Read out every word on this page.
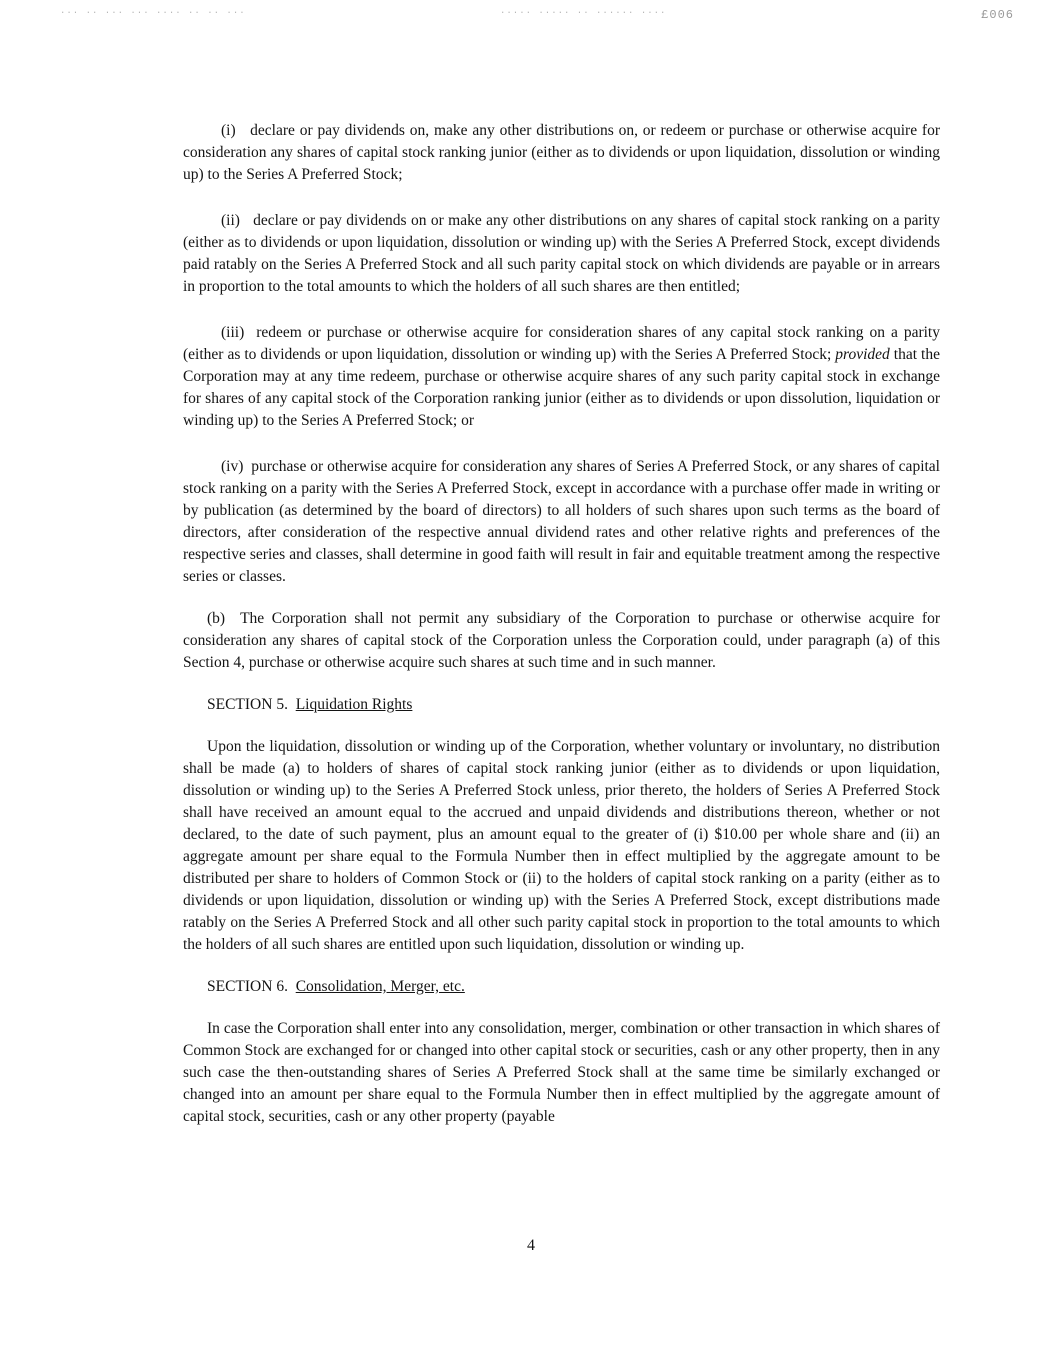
··· ·· ··· ··· ···· ·· ·· ···	····· ····· ·· ······ ····	£006

(i)   declare or pay dividends on, make any other distributions on, or redeem or purchase or otherwise acquire for consideration any shares of capital stock ranking junior (either as to dividends or upon liquidation, dissolution or winding up) to the Series A Preferred Stock;

(ii)   declare or pay dividends on or make any other distributions on any shares of capital stock ranking on a parity (either as to dividends or upon liquidation, dissolution or winding up) with the Series A Preferred Stock, except dividends paid ratably on the Series A Preferred Stock and all such parity capital stock on which dividends are payable or in arrears in proportion to the total amounts to which the holders of all such shares are then entitled;

(iii)  redeem or purchase or otherwise acquire for consideration shares of any capital stock ranking on a parity (either as to dividends or upon liquidation, dissolution or winding up) with the Series A Preferred Stock; provided that the Corporation may at any time redeem, purchase or otherwise acquire shares of any such parity capital stock in exchange for shares of any capital stock of the Corporation ranking junior (either as to dividends or upon dissolution, liquidation or winding up) to the Series A Preferred Stock; or

(iv)  purchase or otherwise acquire for consideration any shares of Series A Preferred Stock, or any shares of capital stock ranking on a parity with the Series A Preferred Stock, except in accordance with a purchase offer made in writing or by publication (as determined by the board of directors) to all holders of such shares upon such terms as the board of directors, after consideration of the respective annual dividend rates and other relative rights and preferences of the respective series and classes, shall determine in good faith will result in fair and equitable treatment among the respective series or classes.

(b)  The Corporation shall not permit any subsidiary of the Corporation to purchase or otherwise acquire for consideration any shares of capital stock of the Corporation unless the Corporation could, under paragraph (a) of this Section 4, purchase or otherwise acquire such shares at such time and in such manner.

SECTION 5.  Liquidation Rights

Upon the liquidation, dissolution or winding up of the Corporation, whether voluntary or involuntary, no distribution shall be made (a) to holders of shares of capital stock ranking junior (either as to dividends or upon liquidation, dissolution or winding up) to the Series A Preferred Stock unless, prior thereto, the holders of Series A Preferred Stock shall have received an amount equal to the accrued and unpaid dividends and distributions thereon, whether or not declared, to the date of such payment, plus an amount equal to the greater of (i) $10.00 per whole share and (ii) an aggregate amount per share equal to the Formula Number then in effect multiplied by the aggregate amount to be distributed per share to holders of Common Stock or (ii) to the holders of capital stock ranking on a parity (either as to dividends or upon liquidation, dissolution or winding up) with the Series A Preferred Stock, except distributions made ratably on the Series A Preferred Stock and all other such parity capital stock in proportion to the total amounts to which the holders of all such shares are entitled upon such liquidation, dissolution or winding up.

SECTION 6.  Consolidation, Merger, etc.

In case the Corporation shall enter into any consolidation, merger, combination or other transaction in which shares of Common Stock are exchanged for or changed into other capital stock or securities, cash or any other property, then in any such case the then-outstanding shares of Series A Preferred Stock shall at the same time be similarly exchanged or changed into an amount per share equal to the Formula Number then in effect multiplied by the aggregate amount of capital stock, securities, cash or any other property (payable

4
